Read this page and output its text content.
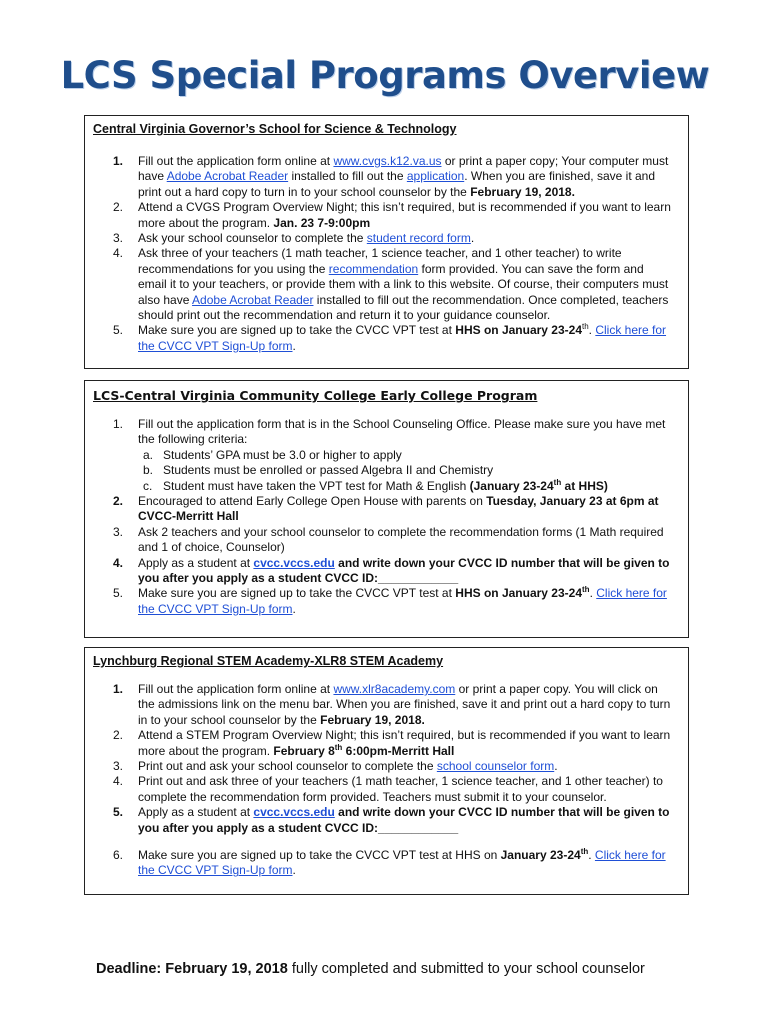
LCS Special Programs Overview
Central Virginia Governor’s School for Science & Technology
1.	Fill out the application form online at www.cvgs.k12.va.us or print a paper copy; Your computer must have Adobe Acrobat Reader installed to fill out the application. When you are finished, save it and print out a hard copy to turn in to your school counselor by the February 19, 2018.
2.	Attend a CVGS Program Overview Night; this isn’t required, but is recommended if you want to learn more about the program. Jan. 23 7-9:00pm
3.	Ask your school counselor to complete the student record form.
4.	Ask three of your teachers (1 math teacher, 1 science teacher, and 1 other teacher) to write recommendations for you using the recommendation form provided. You can save the form and email it to your teachers, or provide them with a link to this website. Of course, their computers must also have Adobe Acrobat Reader installed to fill out the recommendation. Once completed, teachers should print out the recommendation and return it to your guidance counselor.
5.	Make sure you are signed up to take the CVCC VPT test at HHS on January 23-24th. Click here for the CVCC VPT Sign-Up form.
LCS-Central Virginia Community College Early College Program
1.	Fill out the application form that is in the School Counseling Office. Please make sure you have met the following criteria:
a. Students’ GPA must be 3.0 or higher to apply
b. Students must be enrolled or passed Algebra II and Chemistry
c. Student must have taken the VPT test for Math & English (January 23-24th at HHS)
2.	Encouraged to attend Early College Open House with parents on Tuesday, January 23 at 6pm at CVCC-Merritt Hall
3.	Ask 2 teachers and your school counselor to complete the recommendation forms (1 Math required and 1 of choice, Counselor)
4.	Apply as a student at cvcc.vccs.edu and write down your CVCC ID number that will be given to you after you apply as a student CVCC ID:____________
5.	Make sure you are signed up to take the CVCC VPT test at HHS on January 23-24th. Click here for the CVCC VPT Sign-Up form.
Lynchburg Regional STEM Academy-XLR8 STEM Academy
1.	Fill out the application form online at www.xlr8academy.com or print a paper copy. You will click on the admissions link on the menu bar. When you are finished, save it and print out a hard copy to turn in to your school counselor by the February 19, 2018.
2.	Attend a STEM Program Overview Night; this isn’t required, but is recommended if you want to learn more about the program. February 8th 6:00pm-Merritt Hall
3.	Print out and ask your school counselor to complete the school counselor form.
4.	Print out and ask three of your teachers (1 math teacher, 1 science teacher, and 1 other teacher) to complete the recommendation form provided. Teachers must submit it to your counselor.
5.	Apply as a student at cvcc.vccs.edu and write down your CVCC ID number that will be given to you after you apply as a student CVCC ID:____________
6.	Make sure you are signed up to take the CVCC VPT test at HHS on January 23-24th. Click here for the CVCC VPT Sign-Up form.
Deadline: February 19, 2018 fully completed and submitted to your school counselor
